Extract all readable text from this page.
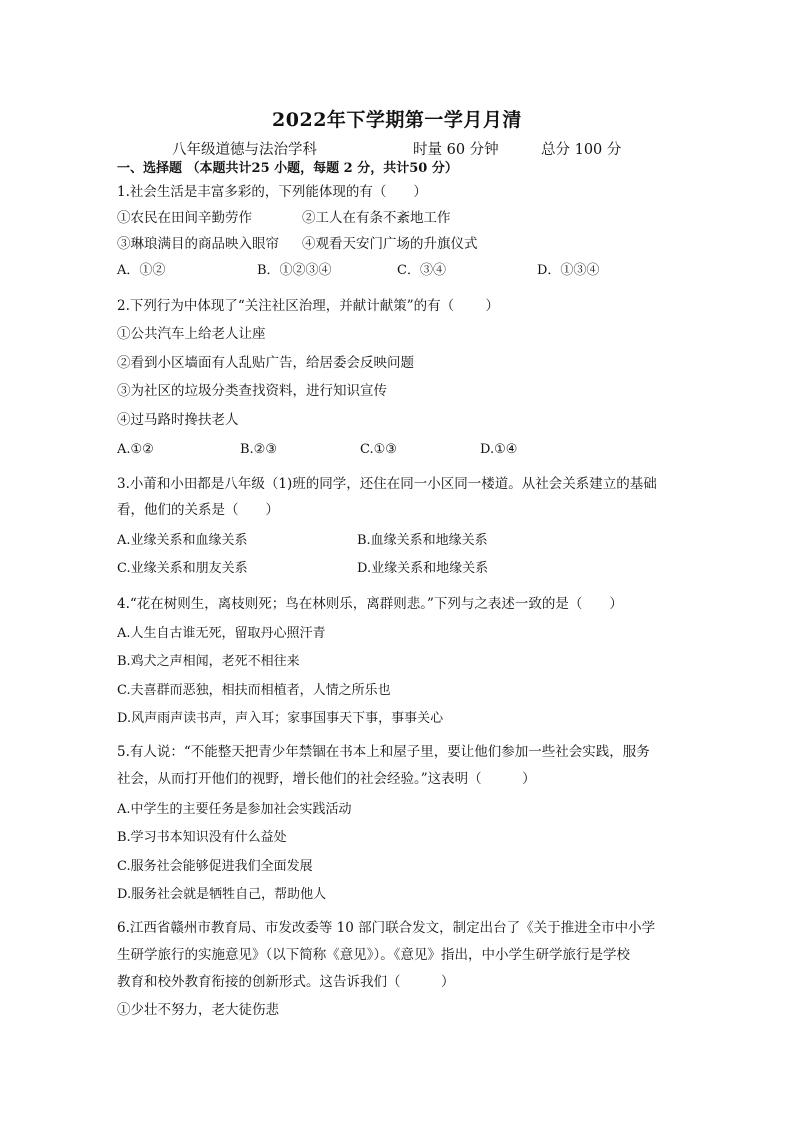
2022年下学期第一学月月清
八年级道德与法治学科	时量 60 分钟	总分 100 分
一、选择题 （本题共计25 小题，每题 2 分，共计50 分）
1.社会生活是丰富多彩的，下列能体现的有（　　）
①农民在田间辛勤劳作	②工人在有条不紊地工作
③琳琅满目的商品映入眼帘 ④观看天安门广场的升旗仪式
A．①②	B．①②③④	C．③④	D．①③④
2.下列行为中体现了“关注社区治理，并献计献策”的有（　　 ）
①公共汽车上给老人让座
②看到小区墙面有人乱贴广告，给居委会反映问题
③为社区的垃圾分类查找资料，进行知识宣传
④过马路时搀扶老人
A.①②	B.②③	C.①③	D.①④
3.小莆和小田都是八年级（1)班的同学，还住在同一小区同一楼道。从社会关系建立的基础
看，他们的关系是（　　）
A.业缘关系和血缘关系	B.血缘关系和地缘关系
C.业缘关系和朋友关系	D.业缘关系和地缘关系
4.“花在树则生，离枝则死；鸟在林则乐，离群则悲。”下列与之表述一致的是（　　）
A.人生自古谁无死，留取丹心照汗青
B.鸡犬之声相闻，老死不相往来
C.夫喜群而恶独，相扶而相植者，人情之所乐也
D.风声雨声读书声，声入耳；家事国事天下事，事事关心
5.有人说：“不能整天把青少年禁锢在书本上和屋子里，要让他们参加一些社会实践，服务
社会，从而打开他们的视野，增长他们的社会经验。”这表明（　　　）
A.中学生的主要任务是参加社会实践活动
B.学习书本知识没有什么益处
C.服务社会能够促进我们全面发展
D.服务社会就是牺牲自己，帮助他人
6.江西省赣州市教育局、市发改委等 10 部门联合发文，制定出台了《关于推进全市中小学
生研学旅行的实施意见》（以下简称《意见》）。《意见》指出，中小学生研学旅行是学校
教育和校外教育衔接的创新形式。这告诉我们（　　　）
①少壮不努力，老大徒伤悲
